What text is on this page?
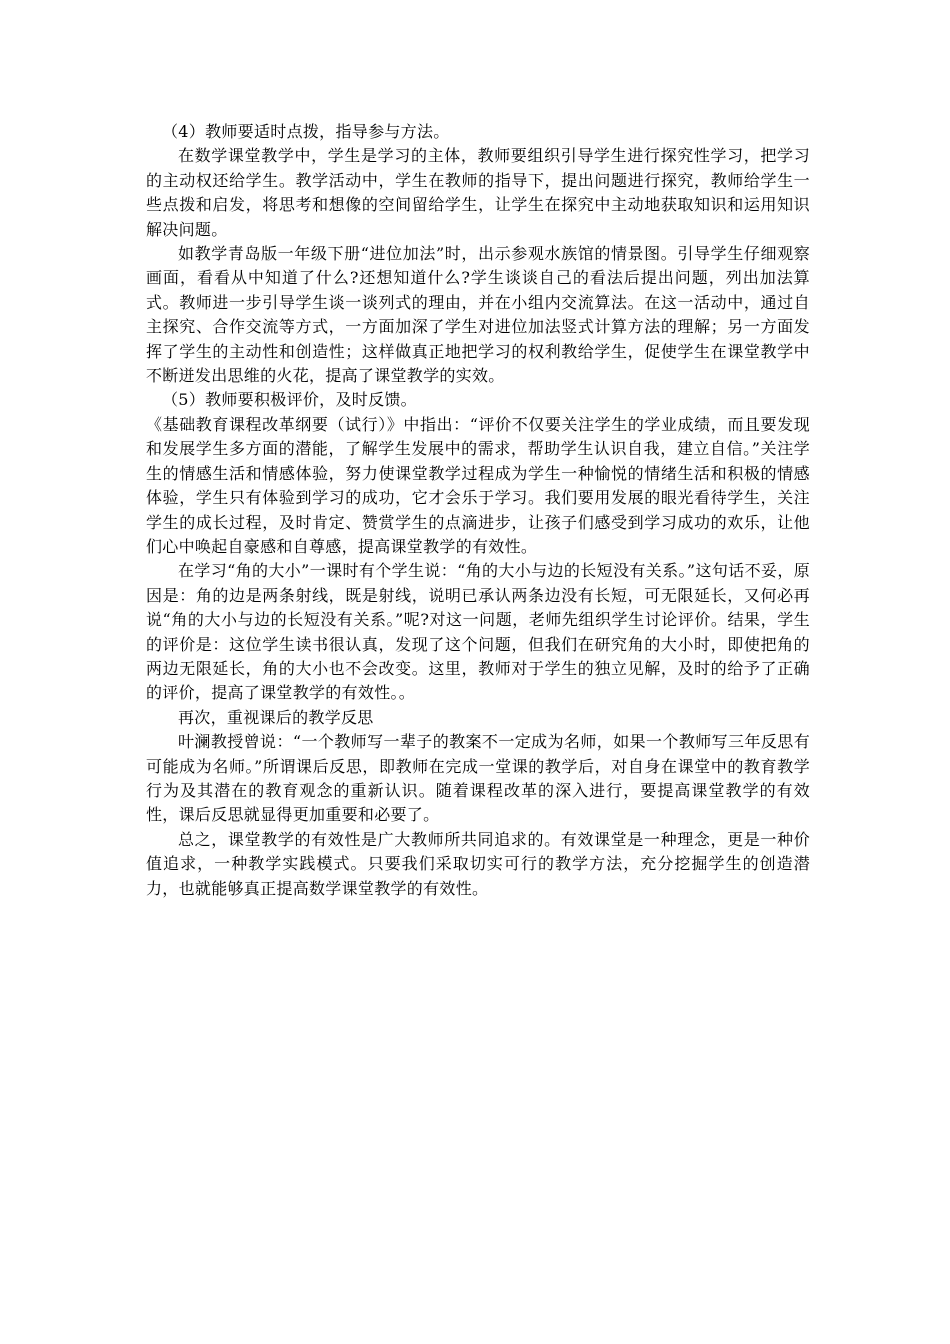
（4）教师要适时点拨，指导参与方法。

在数学课堂教学中，学生是学习的主体，教师要组织引导学生进行探究性学习，把学习的主动权还给学生。教学活动中，学生在教师的指导下，提出问题进行探究，教师给学生一些点拨和启发，将思考和想像的空间留给学生，让学生在探究中主动地获取知识和运用知识解决问题。

如教学青岛版一年级下册“进位加法”时，出示参观水族馆的情景图。引导学生仔细观察画面，看看从中知道了什么?还想知道什么?学生谈谈自己的看法后提出问题，列出加法算式。教师进一步引导学生谈一谈列式的理由，并在小组内交流算法。在这一活动中，通过自主探究、合作交流等方式，一方面加深了学生对进位加法竖式计算方法的理解；另一方面发挥了学生的主动性和创造性；这样做真正地把学习的权利教给学生，促使学生在课堂教学中不断迸发出思维的火花，提高了课堂教学的实效。

（5）教师要积极评价，及时反馈。

《基础教育课程改革纲要（试行）》中指出：“评价不仅要关注学生的学业成绩，而且要发现和发展学生多方面的潜能，了解学生发展中的需求，帮助学生认识自我，建立自信。”关注学生的情感生活和情感体验，努力使课堂教学过程成为学生一种愉悦的情绪生活和积极的情感体验，学生只有体验到学习的成功，它才会乐于学习。我们要用发展的眼光看待学生，关注学生的成长过程，及时肯定、赞赏学生的点滴进步，让孩子们感受到学习成功的欢乐，让他们心中唤起自豪感和自尊感，提高课堂教学的有效性。

在学习“角的大小”一课时有个学生说：“角的大小与边的长短没有关系。”这句话不妥，原因是：角的边是两条射线，既是射线，说明已承认两条边没有长短，可无限延长，又何必再说“角的大小与边的长短没有关系。”呢?对这一问题，老师先组织学生讨论评价。结果，学生的评价是：这位学生读书很认真，发现了这个问题，但我们在研究角的大小时，即使把角的两边无限延长，角的大小也不会改变。这里，教师对于学生的独立见解，及时的给予了正确的评价，提高了课堂教学的有效性。。

再次，重视课后的教学反思

叶澜教授曾说：“一个教师写一辈子的教案不一定成为名师，如果一个教师写三年反思有可能成为名师。”所谓课后反思，即教师在完成一堂课的教学后，对自身在课堂中的教育教学行为及其潜在的教育观念的重新认识。随着课程改革的深入进行，要提高课堂教学的有效性，课后反思就显得更加重要和必要了。

总之，课堂教学的有效性是广大教师所共同追求的。有效课堂是一种理念，更是一种价值追求，一种教学实践模式。只要我们采取切实可行的教学方法，充分挖掘学生的创造潜力，也就能够真正提高数学课堂教学的有效性。
